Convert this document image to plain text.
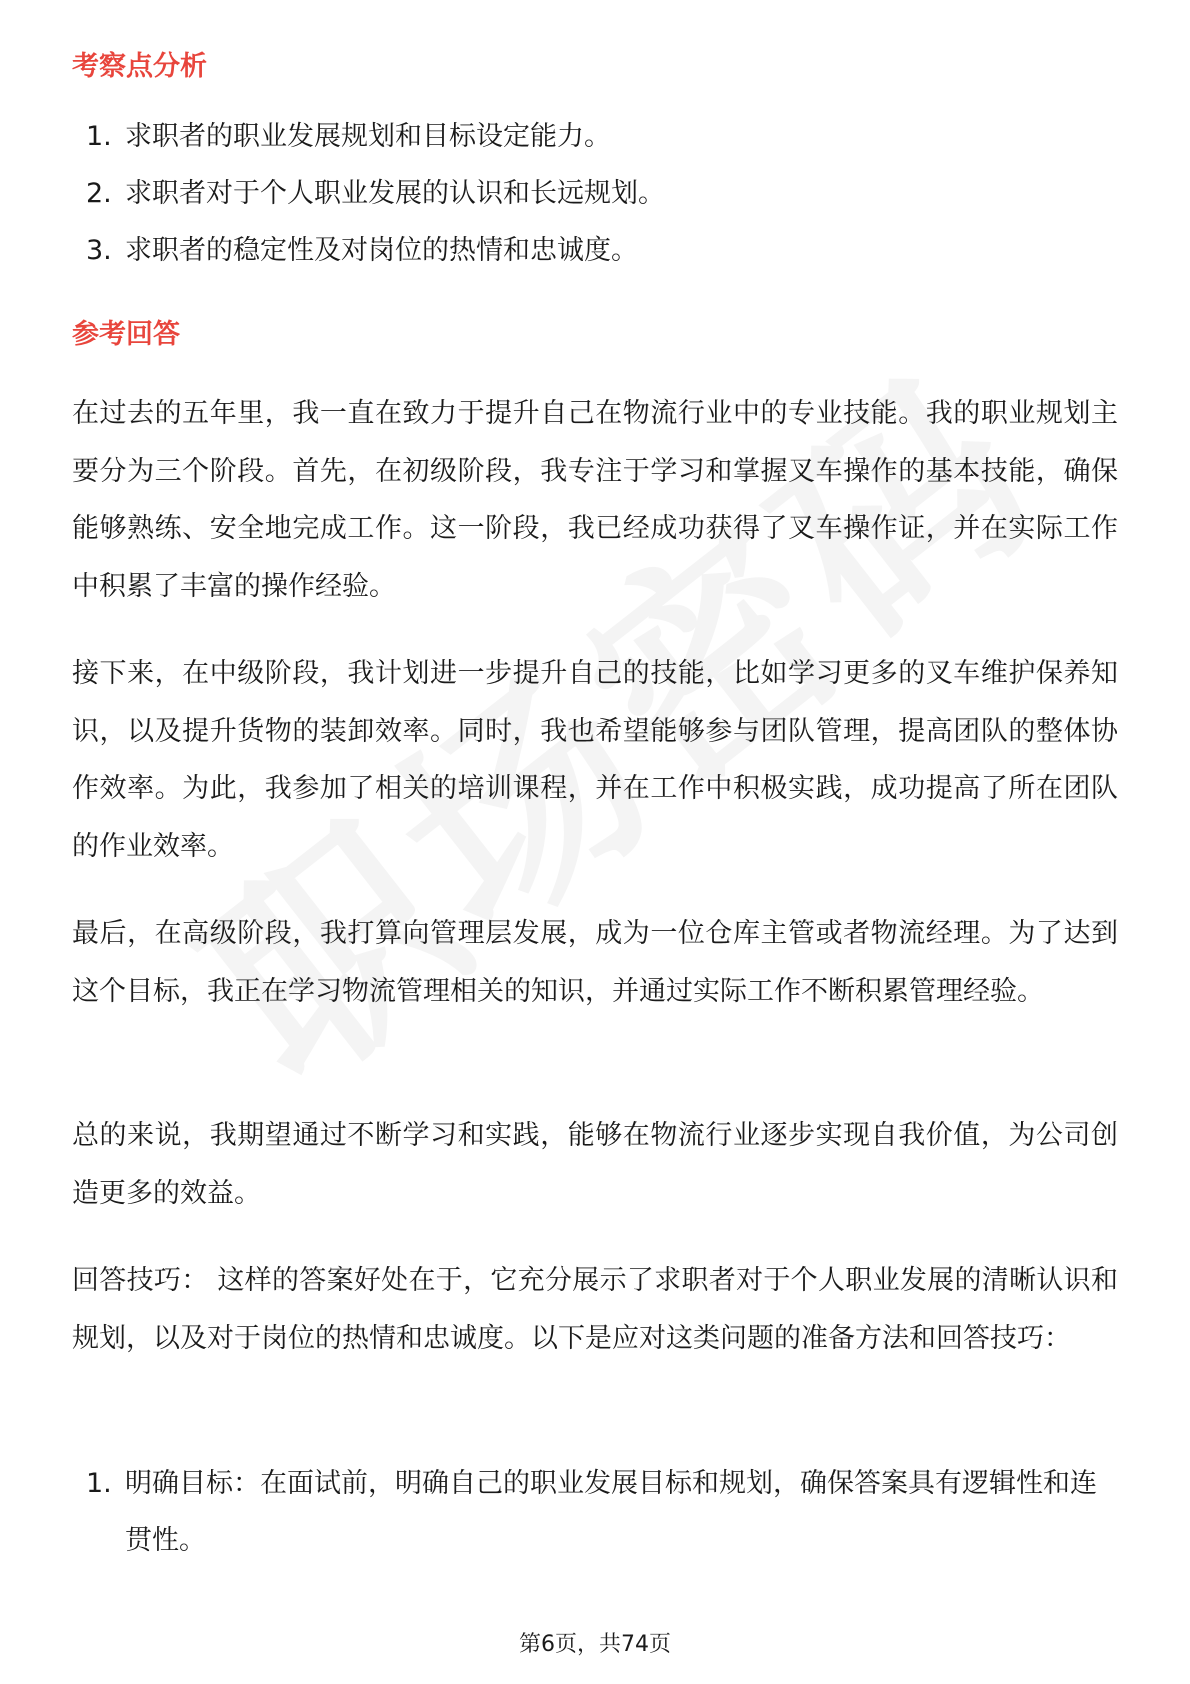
考察点分析
1. 求职者的职业发展规划和目标设定能力。
2. 求职者对于个人职业发展的认识和长远规划。
3. 求职者的稳定性及对岗位的热情和忠诚度。
参考回答

在过去的五年里，我一直在致力于提升自己在物流行业中的专业技能。我的职业规划主要分为三个阶段。首先，在初级阶段，我专注于学习和掌握叉车操作的基本技能，确保能够熟练、安全地完成工作。这一阶段，我已经成功获得了叉车操作证，并在实际工作中积累了丰富的操作经验。

接下来，在中级阶段，我计划进一步提升自己的技能，比如学习更多的叉车维护保养知识，以及提升货物的装卸效率。同时，我也希望能够参与团队管理，提高团队的整体协作效率。为此，我参加了相关的培训课程，并在工作中积极实践，成功提高了所在团队的作业效率。

最后，在高级阶段，我打算向管理层发展，成为一位仓库主管或者物流经理。为了达到这个目标，我正在学习物流管理相关的知识，并通过实际工作不断积累管理经验。

总的来说，我期望通过不断学习和实践，能够在物流行业逐步实现自我价值，为公司创造更多的效益。

回答技巧： 这样的答案好处在于，它充分展示了求职者对于个人职业发展的清晰认识和规划，以及对于岗位的热情和忠诚度。以下是应对这类问题的准备方法和回答技巧：

1. 明确目标：在面试前，明确自己的职业发展目标和规划，确保答案具有逻辑性和连贯性。
第6页，共74页
